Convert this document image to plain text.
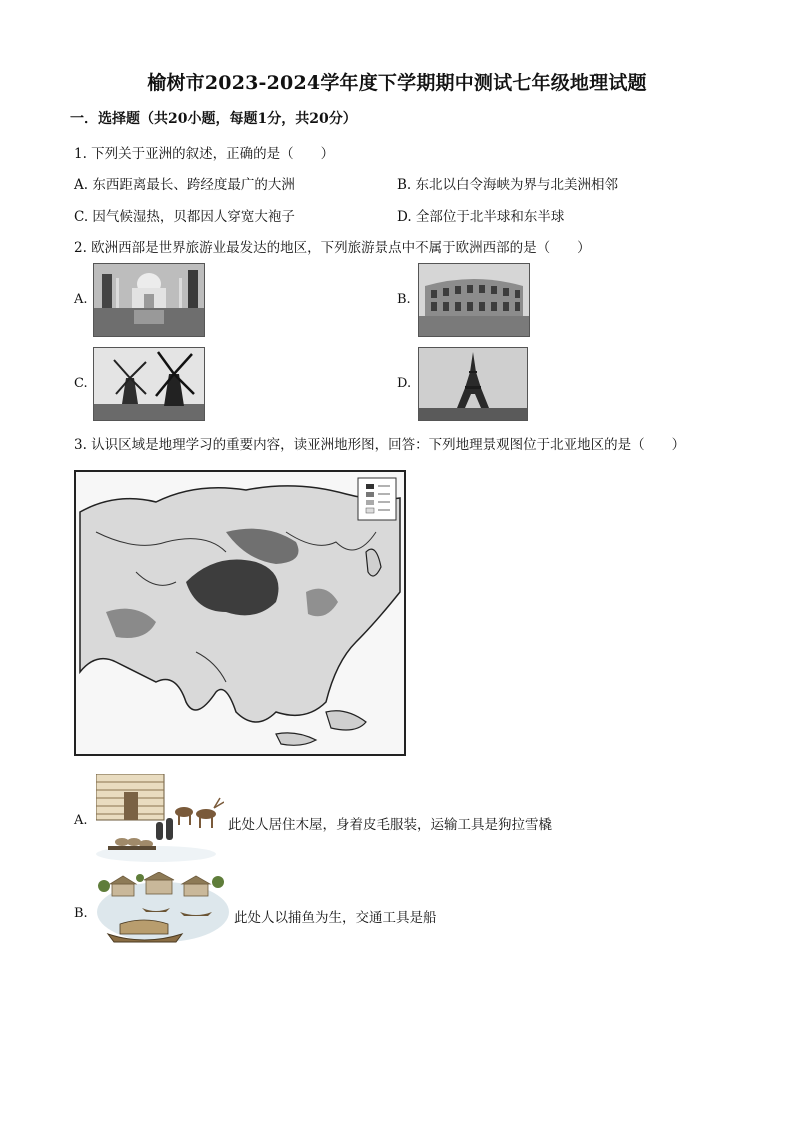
榆树市2023-2024学年度下学期期中测试七年级地理试题
一．选择题（共20小题，每题1分，共20分）
1. 下列关于亚洲的叙述，正确的是（　　）
A. 东西距离最长、跨经度最广的大洲	B. 东北以白令海峡为界与北美洲相邻
C. 因气候湿热，贝都因人穿宽大袍子	D. 全部位于北半球和东半球
2. 欧洲西部是世界旅游业最发达的地区，下列旅游景点中不属于欧洲西部的是（　　）
A.	B.
C.	D.
3. 认识区域是地理学习的重要内容，读亚洲地形图，回答：下列地理景观图位于北亚地区的是（　　）
A.	此处人居住木屋，身着皮毛服装，运输工具是狗拉雪橇
B.	此处人以捕鱼为生，交通工具是船
